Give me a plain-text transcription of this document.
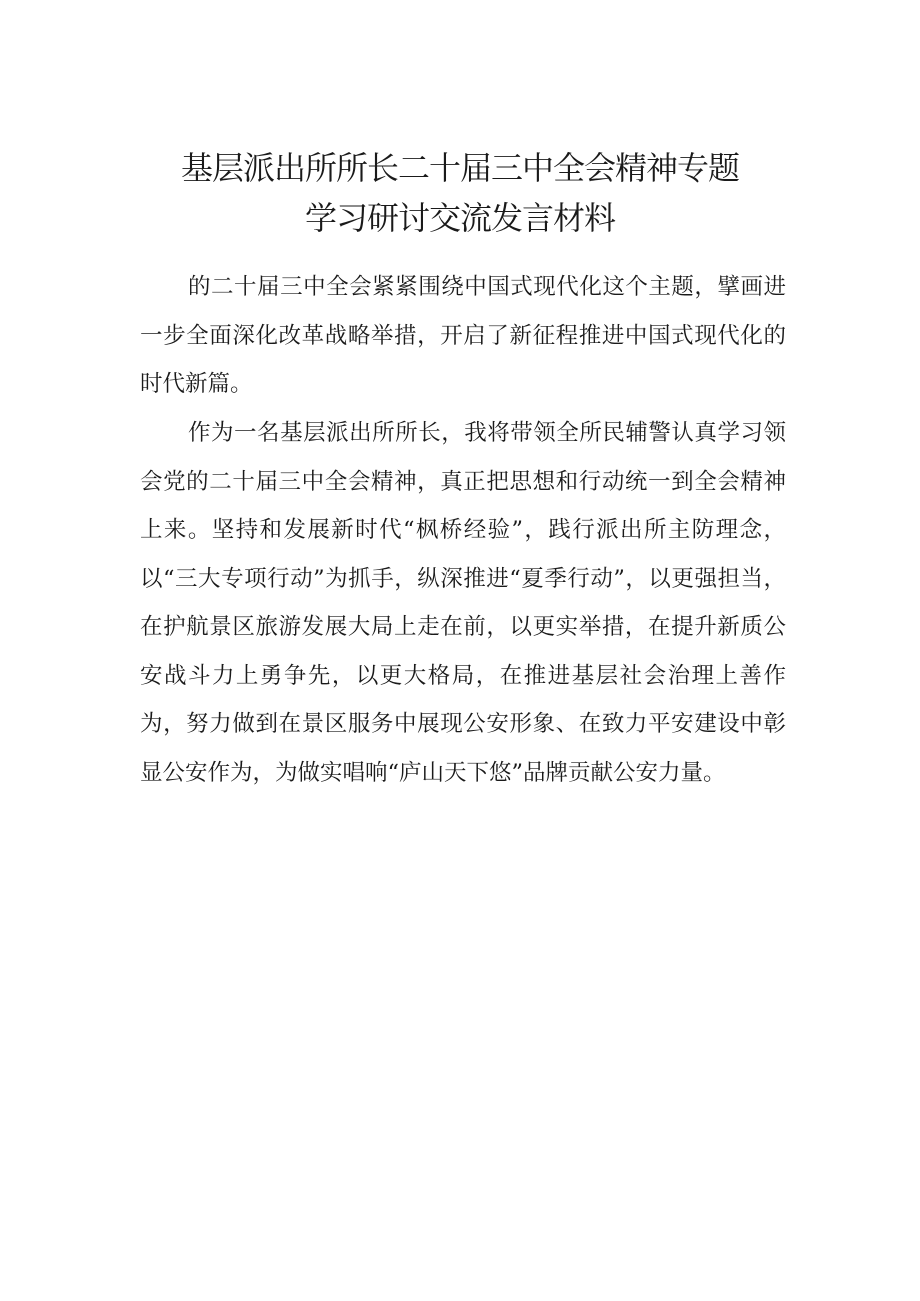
基层派出所所长二十届三中全会精神专题
学习研讨交流发言材料

的二十届三中全会紧紧围绕中国式现代化这个主题，擘画进一步全面深化改革战略举措，开启了新征程推进中国式现代化的时代新篇。

作为一名基层派出所所长，我将带领全所民辅警认真学习领会党的二十届三中全会精神，真正把思想和行动统一到全会精神上来。坚持和发展新时代“枫桥经验”，践行派出所主防理念，以“三大专项行动”为抓手，纵深推进“夏季行动”，以更强担当，在护航景区旅游发展大局上走在前，以更实举措，在提升新质公安战斗力上勇争先，以更大格局，在推进基层社会治理上善作为，努力做到在景区服务中展现公安形象、在致力平安建设中彰显公安作为，为做实唱响“庐山天下悠”品牌贡献公安力量。
